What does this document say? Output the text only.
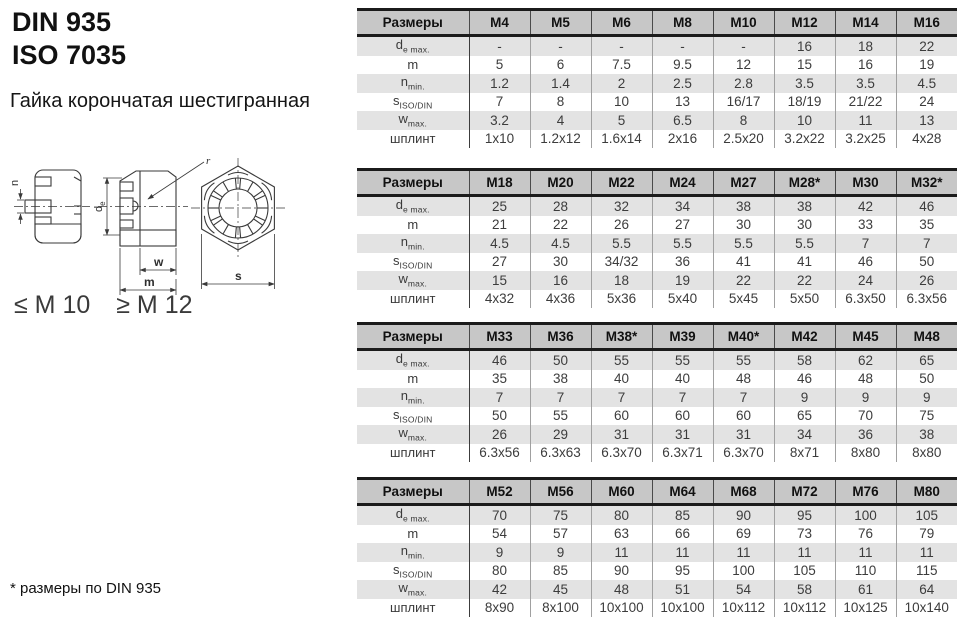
DIN 935
ISO 7035
Гайка корончатая шестигранная
n
$d_e$
r
w
m	s
≤ M 10 ≥ M 12
* размеры по DIN 935
Размеры	M4	M5	M6	M8	M10	M12	M14	M16
$d_{e max.}$	-	-	-	-	-	16	18	22
m	5	6	7.5	9.5	12	15	16	19
$n_{min.}$	1.2	1.4	2	2.5	2.8	3.5	3.5	4.5
$s_{ISO/DIN}$	7	8	10	13	16/17	18/19	21/22	24
$w_{max.}$	3.2	4	5	6.5	8	10	11	13
шплинт	1x10	1.2x12	1.6x14	2x16	2.5x20	3.2x22	3.2x25	4x28
Размеры	M18	M20	M22	M24	M27	M28*	M30	M32*
$d_{e max.}$	25	28	32	34	38	38	42	46
m	21	22	26	27	30	30	33	35
$n_{min.}$	4.5	4.5	5.5	5.5	5.5	5.5	7	7
$s_{ISO/DIN}$	27	30	34/32	36	41	41	46	50
$w_{max.}$	15	16	18	19	22	22	24	26
шплинт	4x32	4x36	5x36	5x40	5x45	5x50	6.3x50	6.3x56
Размеры	M33	M36	M38*	M39	M40*	M42	M45	M48
$d_{e max.}$	46	50	55	55	55	58	62	65
m	35	38	40	40	48	46	48	50
$n_{min.}$	7	7	7	7	7	9	9	9
$s_{ISO/DIN}$	50	55	60	60	60	65	70	75
$w_{max.}$	26	29	31	31	31	34	36	38
шплинт	6.3x56	6.3x63	6.3x70	6.3x71	6.3x70	8x71	8x80	8x80
Размеры	M52	M56	M60	M64	M68	M72	M76	M80
$d_{e max.}$	70	75	80	85	90	95	100	105
m	54	57	63	66	69	73	76	79
$n_{min.}$	9	9	11	11	11	11	11	11
$s_{ISO/DIN}$	80	85	90	95	100	105	110	115
$w_{max.}$	42	45	48	51	54	58	61	64
шплинт	8x90	8x100	10x100	10x100	10x112	10x112	10x125	10x140
